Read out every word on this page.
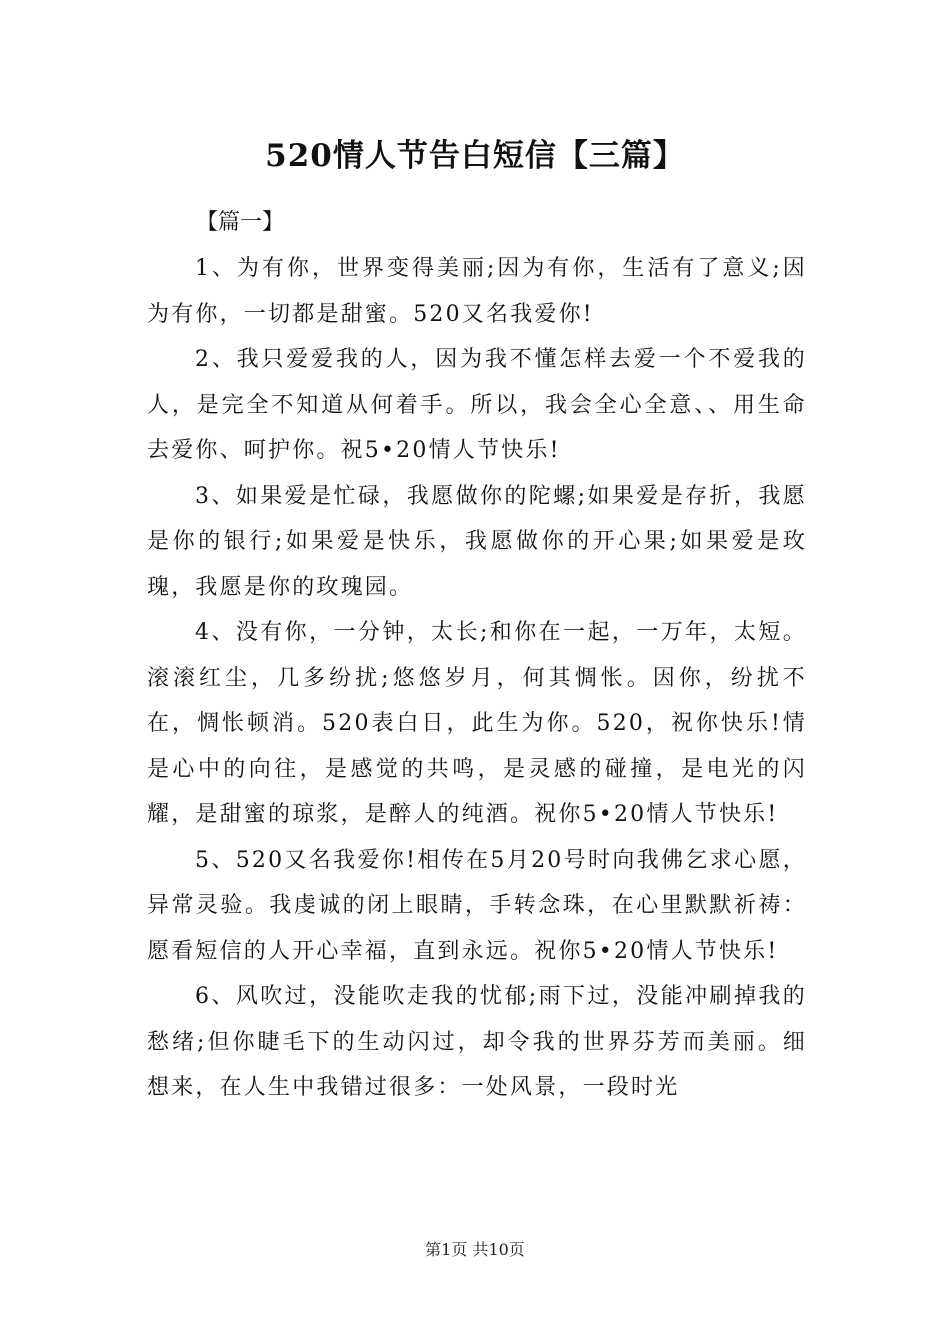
520情人节告白短信【三篇】
【篇一】

1、为有你，世界变得美丽;因为有你，生活有了意义;因为有你，一切都是甜蜜。520又名我爱你!

2、我只爱爱我的人，因为我不懂怎样去爱一个不爱我的人，是完全不知道从何着手。所以，我会全心全意、、用生命去爱你、呵护你。祝5•20情人节快乐!

3、如果爱是忙碌，我愿做你的陀螺;如果爱是存折，我愿是你的银行;如果爱是快乐，我愿做你的开心果;如果爱是玫瑰，我愿是你的玫瑰园。

4、没有你，一分钟，太长;和你在一起，一万年，太短。滚滚红尘，几多纷扰;悠悠岁月，何其惆怅。因你，纷扰不在，惆怅顿消。520表白日，此生为你。520，祝你快乐!情是心中的向往，是感觉的共鸣，是灵感的碰撞，是电光的闪耀，是甜蜜的琼浆，是醉人的纯酒。祝你5•20情人节快乐!

5、520又名我爱你!相传在5月20号时向我佛乞求心愿，异常灵验。我虔诚的闭上眼睛，手转念珠，在心里默默祈祷：愿看短信的人开心幸福，直到永远。祝你5•20情人节快乐!

6、风吹过，没能吹走我的忧郁;雨下过，没能冲刷掉我的愁绪;但你睫毛下的生动闪过，却令我的世界芬芳而美丽。细想来，在人生中我错过很多：一处风景，一段时光

第1页 共10页
